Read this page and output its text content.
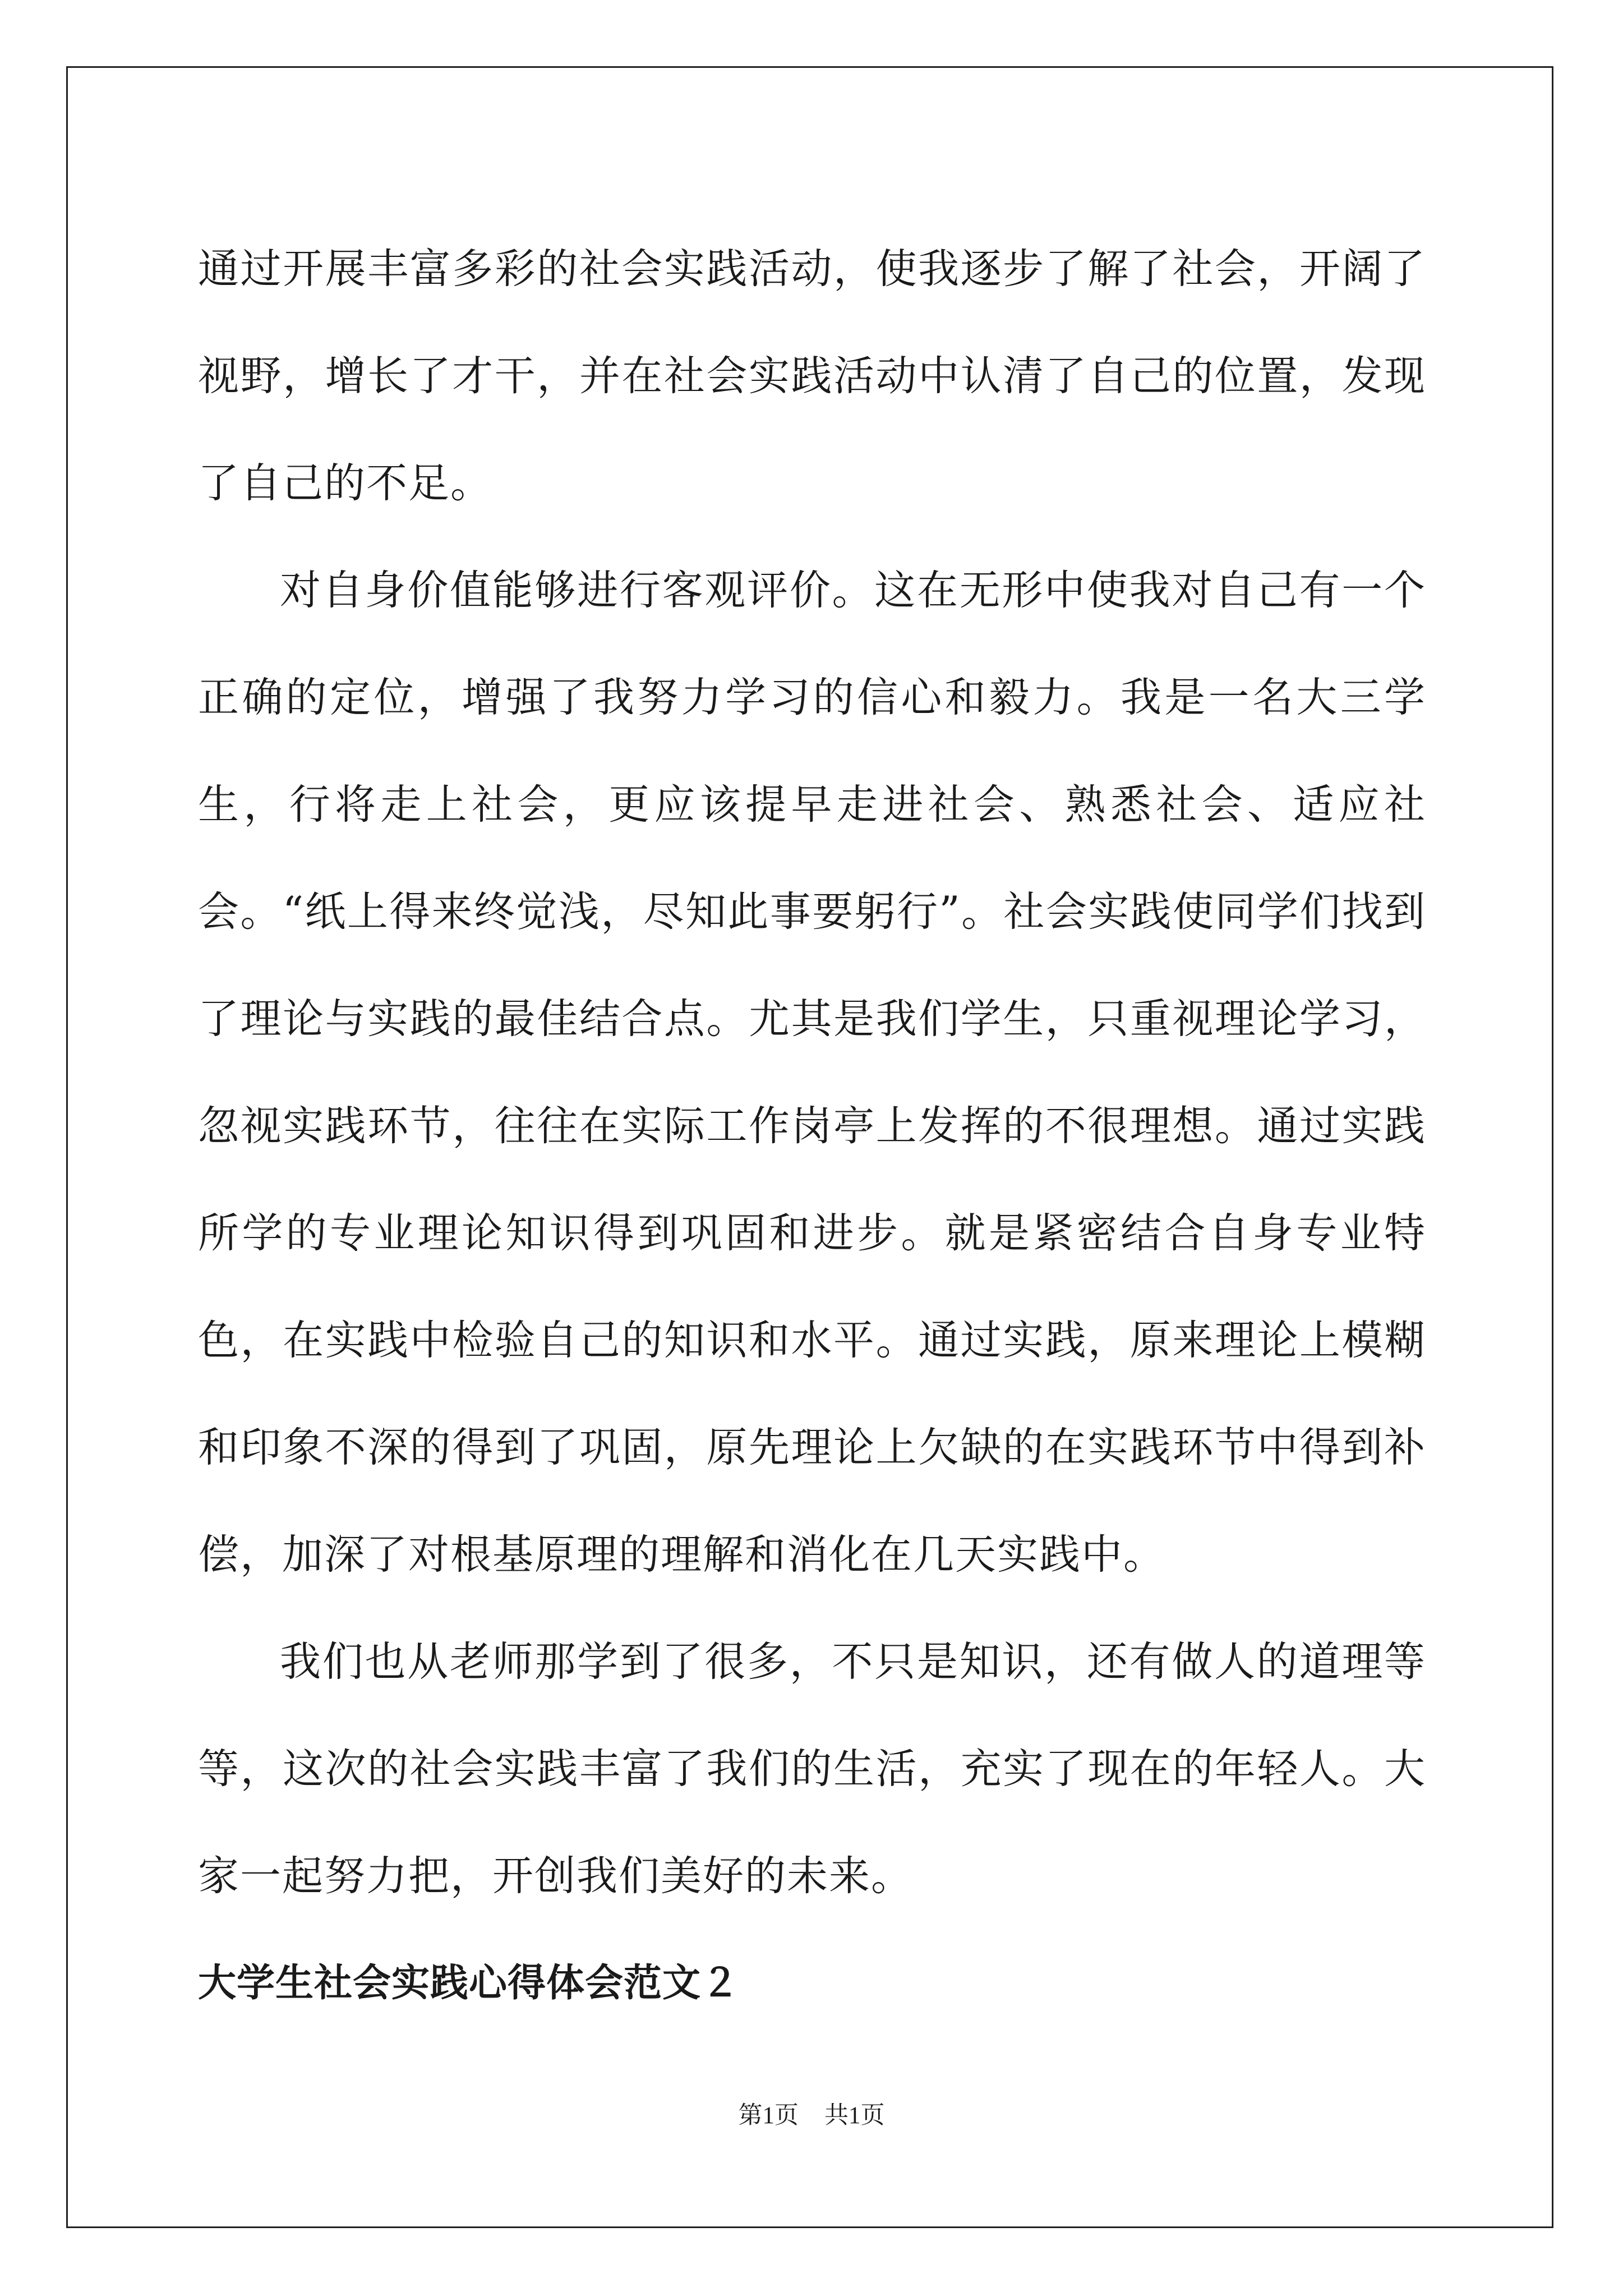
通过开展丰富多彩的社会实践活动，使我逐步了解了社会，开阔了视野，增长了才干，并在社会实践活动中认清了自己的位置，发现了自己的不足。

对自身价值能够进行客观评价。这在无形中使我对自己有一个正确的定位，增强了我努力学习的信心和毅力。我是一名大三学生，行将走上社会，更应该提早走进社会、熟悉社会、适应社会。“纸上得来终觉浅，尽知此事要躬行”。社会实践使同学们找到了理论与实践的最佳结合点。尤其是我们学生，只重视理论学习，忽视实践环节，往往在实际工作岗亭上发挥的不很理想。通过实践所学的专业理论知识得到巩固和进步。就是紧密结合自身专业特色，在实践中检验自己的知识和水平。通过实践，原来理论上模糊和印象不深的得到了巩固，原先理论上欠缺的在实践环节中得到补偿，加深了对根基原理的理解和消化在几天实践中。

我们也从老师那学到了很多，不只是知识，还有做人的道理等等，这次的社会实践丰富了我们的生活，充实了现在的年轻人。大家一起努力把，开创我们美好的未来。

大学生社会实践心得体会范文２
第1页 共1页
